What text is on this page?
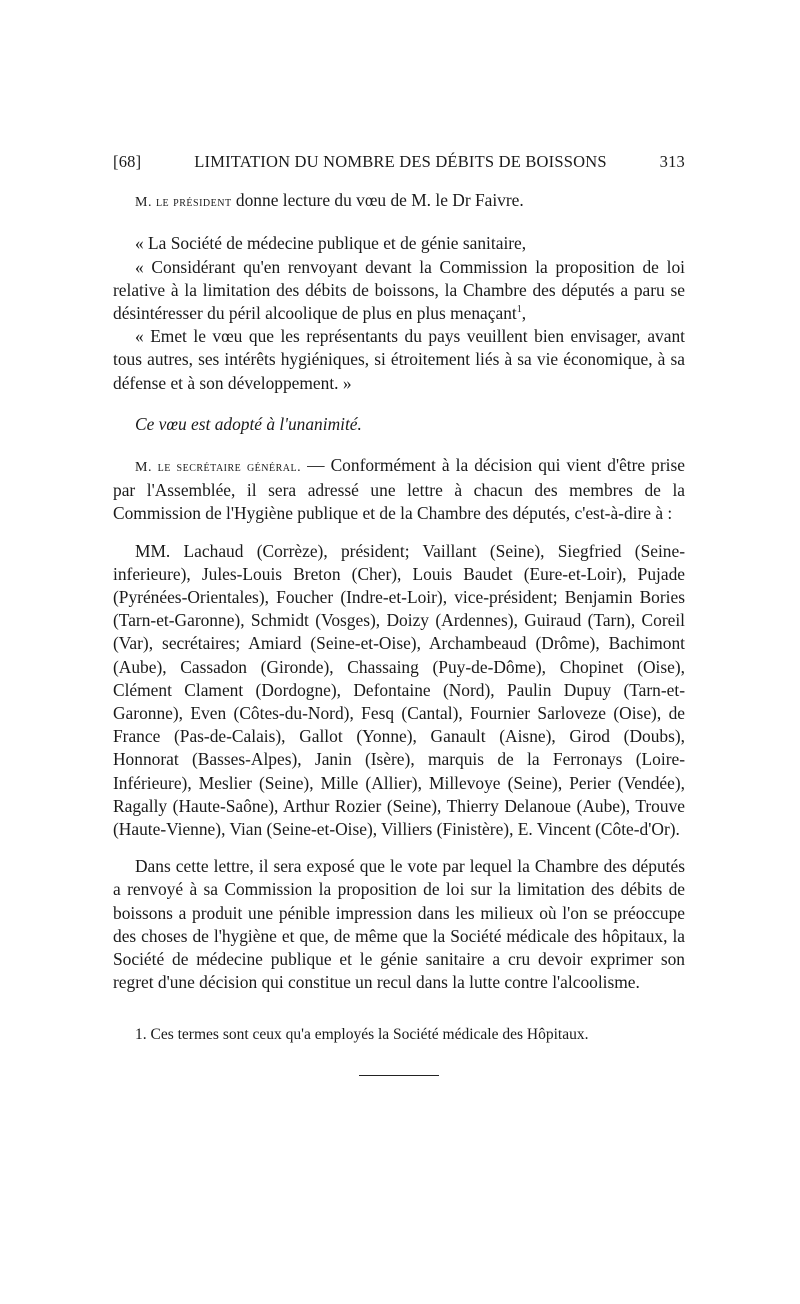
[68]	LIMITATION DU NOMBRE DES DÉBITS DE BOISSONS	313

M. le président donne lecture du vœu de M. le Dr Faivre.

« La Société de médecine publique et de génie sanitaire,

« Considérant qu'en renvoyant devant la Commission la proposition de loi relative à la limitation des débits de boissons, la Chambre des députés a paru se désintéresser du péril alcoolique de plus en plus menaçant$^1$,

« Emet le vœu que les représentants du pays veuillent bien envisager, avant tous autres, ses intérêts hygiéniques, si étroitement liés à sa vie économique, à sa défense et à son développement. »

Ce vœu est adopté à l'unanimité.

M. le secrétaire général. — Conformément à la décision qui vient d'être prise par l'Assemblée, il sera adressé une lettre à chacun des membres de la Commission de l'Hygiène publique et de la Chambre des députés, c'est-à-dire à :

MM. Lachaud (Corrèze), président; Vaillant (Seine), Siegfried (Seine-inferieure), Jules-Louis Breton (Cher), Louis Baudet (Eure-et-Loir), Pujade (Pyrénées-Orientales), Foucher (Indre-et-Loir), vice-président; Benjamin Bories (Tarn-et-Garonne), Schmidt (Vosges), Doizy (Ardennes), Guiraud (Tarn), Coreil (Var), secrétaires; Amiard (Seine-et-Oise), Archambeaud (Drôme), Bachimont (Aube), Cassadon (Gironde), Chassaing (Puy-de-Dôme), Chopinet (Oise), Clément Clament (Dordogne), Defontaine (Nord), Paulin Dupuy (Tarn-et-Garonne), Even (Côtes-du-Nord), Fesq (Cantal), Fournier Sarloveze (Oise), de France (Pas-de-Calais), Gallot (Yonne), Ganault (Aisne), Girod (Doubs), Honnorat (Basses-Alpes), Janin (Isère), marquis de la Ferronays (Loire-Inférieure), Meslier (Seine), Mille (Allier), Millevoye (Seine), Perier (Vendée), Ragally (Haute-Saône), Arthur Rozier (Seine), Thierry Delanoue (Aube), Trouve (Haute-Vienne), Vian (Seine-et-Oise), Villiers (Finistère), E. Vincent (Côte-d'Or).

Dans cette lettre, il sera exposé que le vote par lequel la Chambre des députés a renvoyé à sa Commission la proposition de loi sur la limitation des débits de boissons a produit une pénible impression dans les milieux où l'on se préoccupe des choses de l'hygiène et que, de même que la Société médicale des hôpitaux, la Société de médecine publique et le génie sanitaire a cru devoir exprimer son regret d'une décision qui constitue un recul dans la lutte contre l'alcoolisme.

1. Ces termes sont ceux qu'a employés la Société médicale des Hôpitaux.
